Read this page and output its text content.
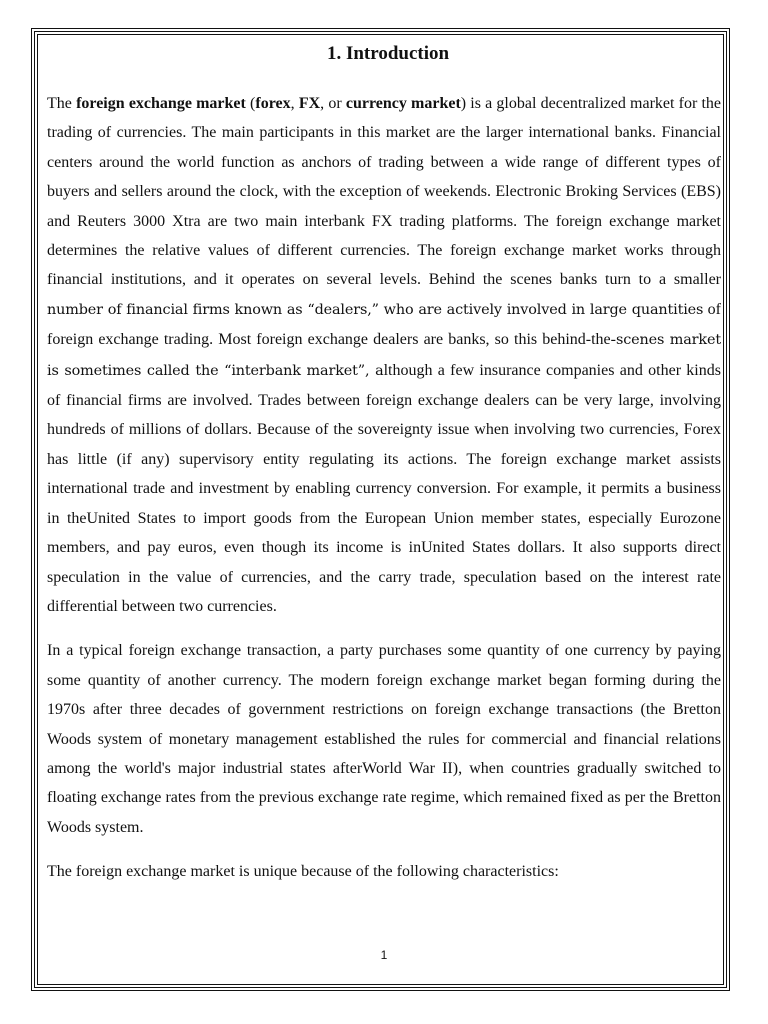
1. Introduction

The foreign exchange market (forex, FX, or currency market) is a global decentralized market for the trading of currencies. The main participants in this market are the larger international banks. Financial centers around the world function as anchors of trading between a wide range of different types of buyers and sellers around the clock, with the exception of weekends. Electronic Broking Services (EBS) and Reuters 3000 Xtra are two main interbank FX trading platforms. The foreign exchange market determines the relative values of different currencies. The foreign exchange market works through financial institutions, and it operates on several levels. Behind the scenes banks turn to a smaller number of financial firms known as “dealers,” who are actively involved in large quantities of foreign exchange trading. Most foreign exchange dealers are banks, so this behind-the-scenes market is sometimes called the “interbank market”, although a few insurance companies and other kinds of financial firms are involved. Trades between foreign exchange dealers can be very large, involving hundreds of millions of dollars. Because of the sovereignty issue when involving two currencies, Forex has little (if any) supervisory entity regulating its actions. The foreign exchange market assists international trade and investment by enabling currency conversion. For example, it permits a business in theUnited States to import goods from the European Union member states, especially Eurozone members, and pay euros, even though its income is inUnited States dollars. It also supports direct speculation in the value of currencies, and the carry trade, speculation based on the interest rate differential between two currencies.

In a typical foreign exchange transaction, a party purchases some quantity of one currency by paying some quantity of another currency. The modern foreign exchange market began forming during the 1970s after three decades of government restrictions on foreign exchange transactions (the Bretton Woods system of monetary management established the rules for commercial and financial relations among the world's major industrial states afterWorld War II), when countries gradually switched to floating exchange rates from the previous exchange rate regime, which remained fixed as per the Bretton Woods system.

The foreign exchange market is unique because of the following characteristics:

1
